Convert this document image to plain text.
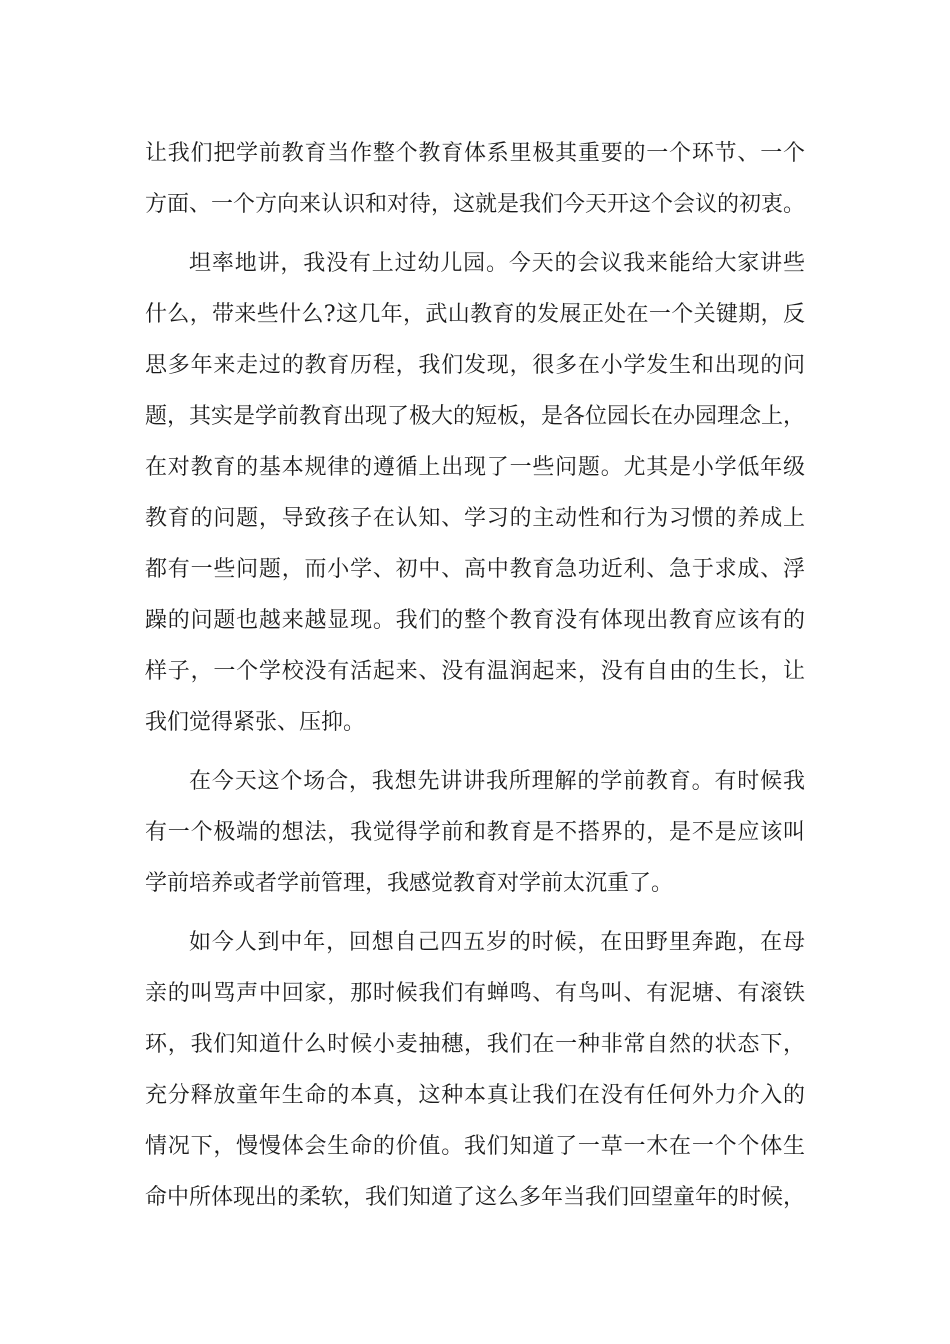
让我们把学前教育当作整个教育体系里极其重要的一个环节、一个
方面、一个方向来认识和对待，这就是我们今天开这个会议的初衷。
坦率地讲，我没有上过幼儿园。今天的会议我来能给大家讲些
什么，带来些什么?这几年，武山教育的发展正处在一个关键期，反
思多年来走过的教育历程，我们发现，很多在小学发生和出现的问
题，其实是学前教育出现了极大的短板，是各位园长在办园理念上，
在对教育的基本规律的遵循上出现了一些问题。尤其是小学低年级
教育的问题，导致孩子在认知、学习的主动性和行为习惯的养成上
都有一些问题，而小学、初中、高中教育急功近利、急于求成、浮
躁的问题也越来越显现。我们的整个教育没有体现出教育应该有的
样子，一个学校没有活起来、没有温润起来，没有自由的生长，让
我们觉得紧张、压抑。
在今天这个场合，我想先讲讲我所理解的学前教育。有时候我
有一个极端的想法，我觉得学前和教育是不搭界的，是不是应该叫
学前培养或者学前管理，我感觉教育对学前太沉重了。
如今人到中年，回想自己四五岁的时候，在田野里奔跑，在母
亲的叫骂声中回家，那时候我们有蝉鸣、有鸟叫、有泥塘、有滚铁
环，我们知道什么时候小麦抽穗，我们在一种非常自然的状态下，
充分释放童年生命的本真，这种本真让我们在没有任何外力介入的
情况下，慢慢体会生命的价值。我们知道了一草一木在一个个体生
命中所体现出的柔软，我们知道了这么多年当我们回望童年的时候，
